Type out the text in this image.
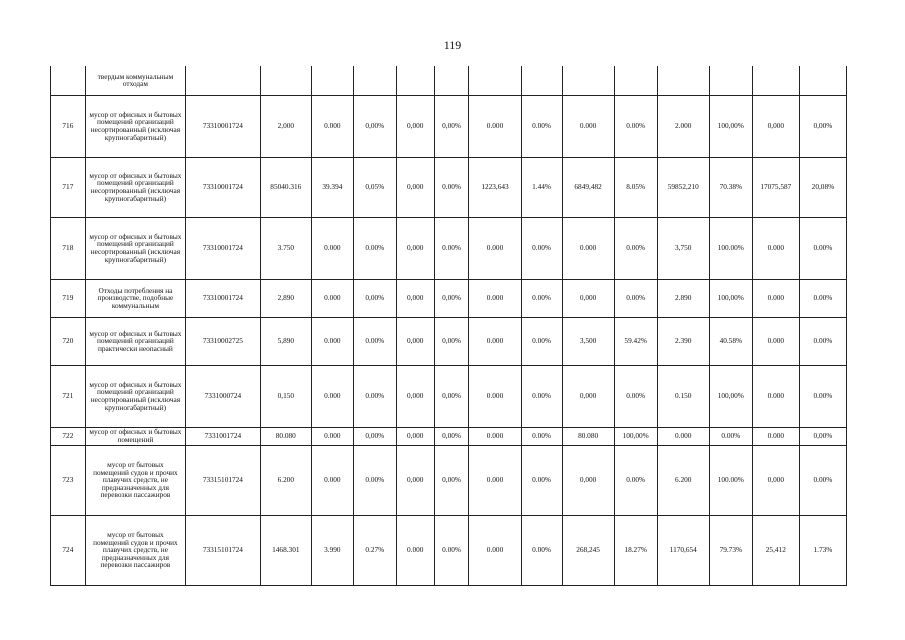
119
	твердым коммунальным отходам														
716	мусор от офисных и бытовых помещений организаций несортированный (исключая крупногабаритный)	73310001724	2,000	0.000	0,00%	0,000	0,00%	0.000	0.00%	0.000	0.00%	2.000	100,00%	0,000	0,00%
717	мусор от офисных и бытовых помещений организаций несортированный (исключая крупногабаритный)	73310001724	85040.316	39.394	0,05%	0,000	0.00%	1223,643	1.44%	6849,482	8.05%	59852,210	70.38%	17075,587	20,08%
718	мусор от офисных и бытовых помещений организаций несортированный (исключая крупногабаритный)	73310001724	3.750	0.000	0.00%	0,000	0.00%	0.000	0.00%	0.000	0.00%	3,750	100.00%	0.000	0.00%
719	Отходы потребления на производстве, подобные коммунальным	73310001724	2,890	0.000	0,00%	0,000	0,00%	0.000	0.00%	0,000	0.00%	2.890	100,00%	0.000	0.00%
720	мусор от офисных и бытовых помещений организаций практически неопасный	73310002725	5,890	0.000	0.00%	0,000	0,00%	0.000	0.00%	3,500	59.42%	2.390	40.58%	0.000	0.00%
721	мусор от офисных и бытовых помещений организаций несортированный (исключая крупногабаритный)	7331000724	0,150	0.000	0.00%	0,000	0,00%	0.000	0.00%	0,000	0.00%	0.150	100,00%	0.000	0.00%
722	мусор от офисных и бытовых помещений	7331001724	80.080	0.000	0,00%	0,000	0,00%	0.000	0.00%	80.080	100,00%	0.000	0.00%	0.000	0,00%
723	мусор от бытовых помещений судов и прочих плавучих средств, не предназначенных для перевозки пассажиров	73315101724	6.200	0.000	0.00%	0,000	0,00%	0.000	0.00%	0,000	0.00%	6.200	100.00%	0,000	0.00%
724	мусор от бытовых помещений судов и прочих плавучих средств, не предназначенных для перевозки пассажиров	73315101724	1468.301	3.990	0.27%	0.000	0.00%	0.000	0.00%	268,245	18.27%	1170,654	79.73%	25,412	1.73%
